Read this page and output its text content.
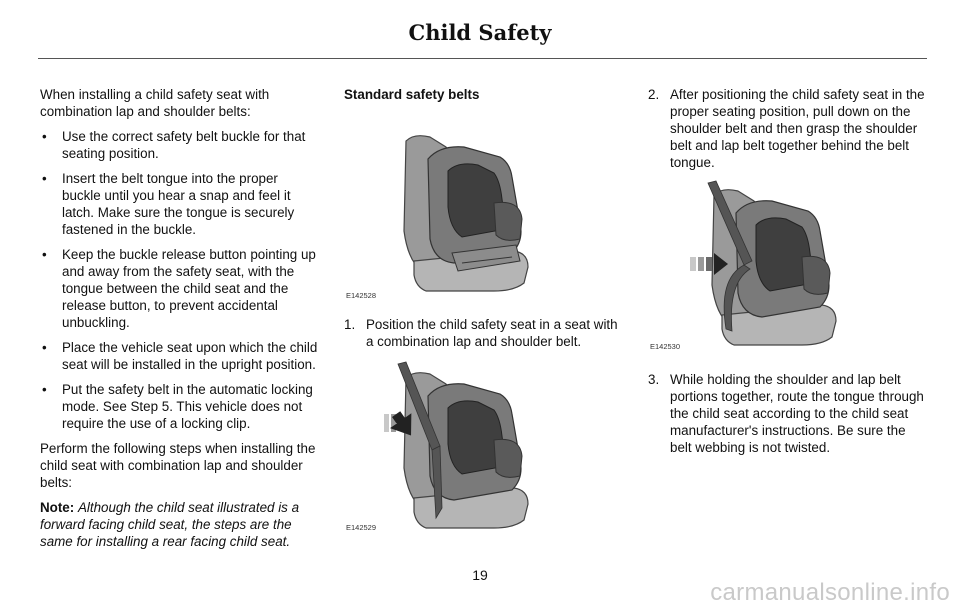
Child Safety

When installing a child safety seat with combination lap and shoulder belts:

• Use the correct safety belt buckle for that seating position.
• Insert the belt tongue into the proper buckle until you hear a snap and feel it latch. Make sure the tongue is securely fastened in the buckle.
• Keep the buckle release button pointing up and away from the safety seat, with the tongue between the child seat and the release button, to prevent accidental unbuckling.
• Place the vehicle seat upon which the child seat will be installed in the upright position.
• Put the safety belt in the automatic locking mode. See Step 5. This vehicle does not require the use of a locking clip.

Perform the following steps when installing the child seat with combination lap and shoulder belts:

Note: Although the child seat illustrated is a forward facing child seat, the steps are the same for installing a rear facing child seat.

Standard safety belts

E142528
1. Position the child safety seat in a seat with a combination lap and shoulder belt.
E142529
2. After positioning the child safety seat in the proper seating position, pull down on the shoulder belt and then grasp the shoulder belt and lap belt together behind the belt tongue.
E142530
3. While holding the shoulder and lap belt portions together, route the tongue through the child seat according to the child seat manufacturer's instructions. Be sure the belt webbing is not twisted.
19
carmanualsonline.info
